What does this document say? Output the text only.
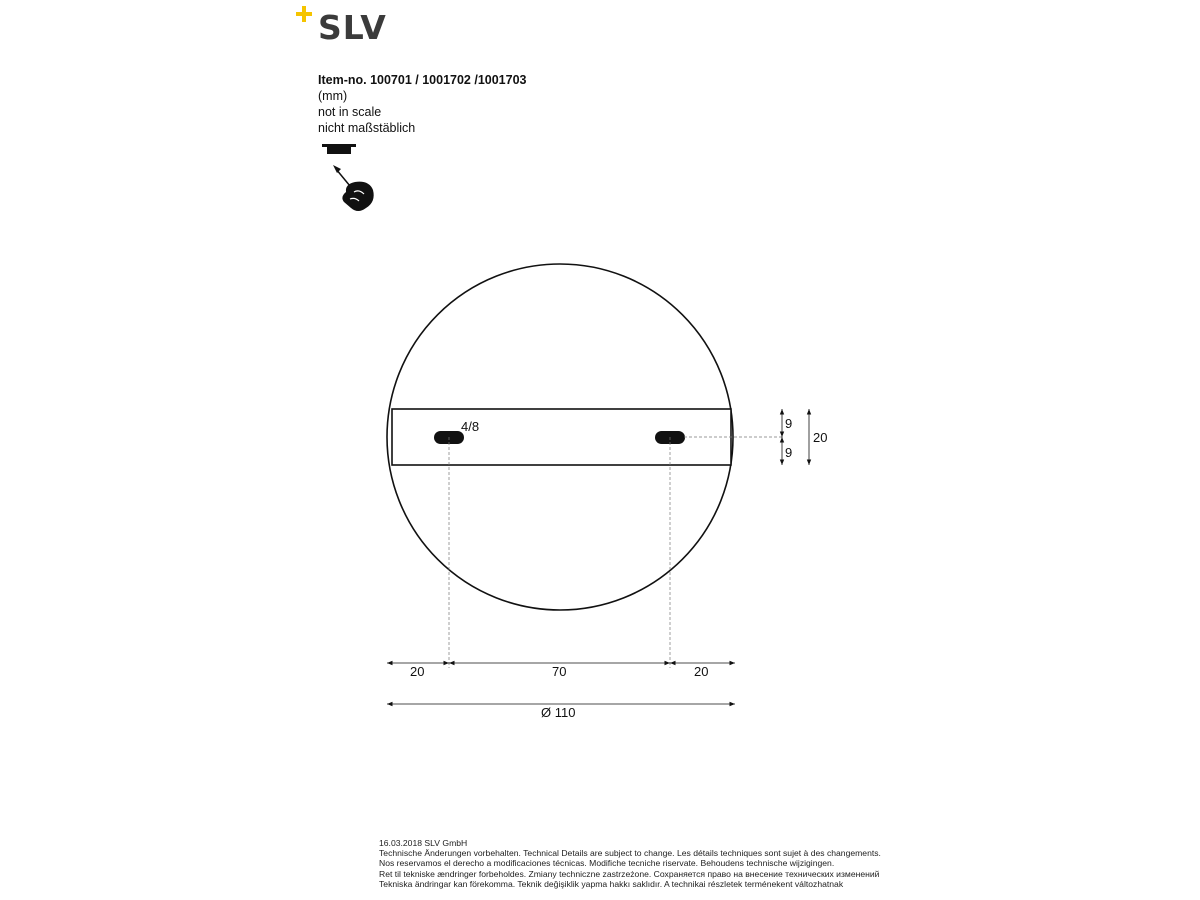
SLV
Item-no. 100701 / 1001702 /1001703
(mm)
not in scale
nicht maßstäblich
4/8	9
9
20
20	70	20
Ø 110
16.03.2018 SLV GmbH
Technische Änderungen vorbehalten. Technical Details are subject to change. Les détails techniques sont sujet à des changements.
Nos reservamos el derecho a modificaciones técnicas. Modifiche tecniche riservate. Behoudens technische wijzigingen.
Ret til tekniske ændringer forbeholdes. Zmiany techniczne zastrzeżone. Сохраняется право на внесение технических изменений
Tekniska ändringar kan förekomma. Teknik değişiklik yapma hakkı saklıdır. A technikai részletek terménekent változhatnak
